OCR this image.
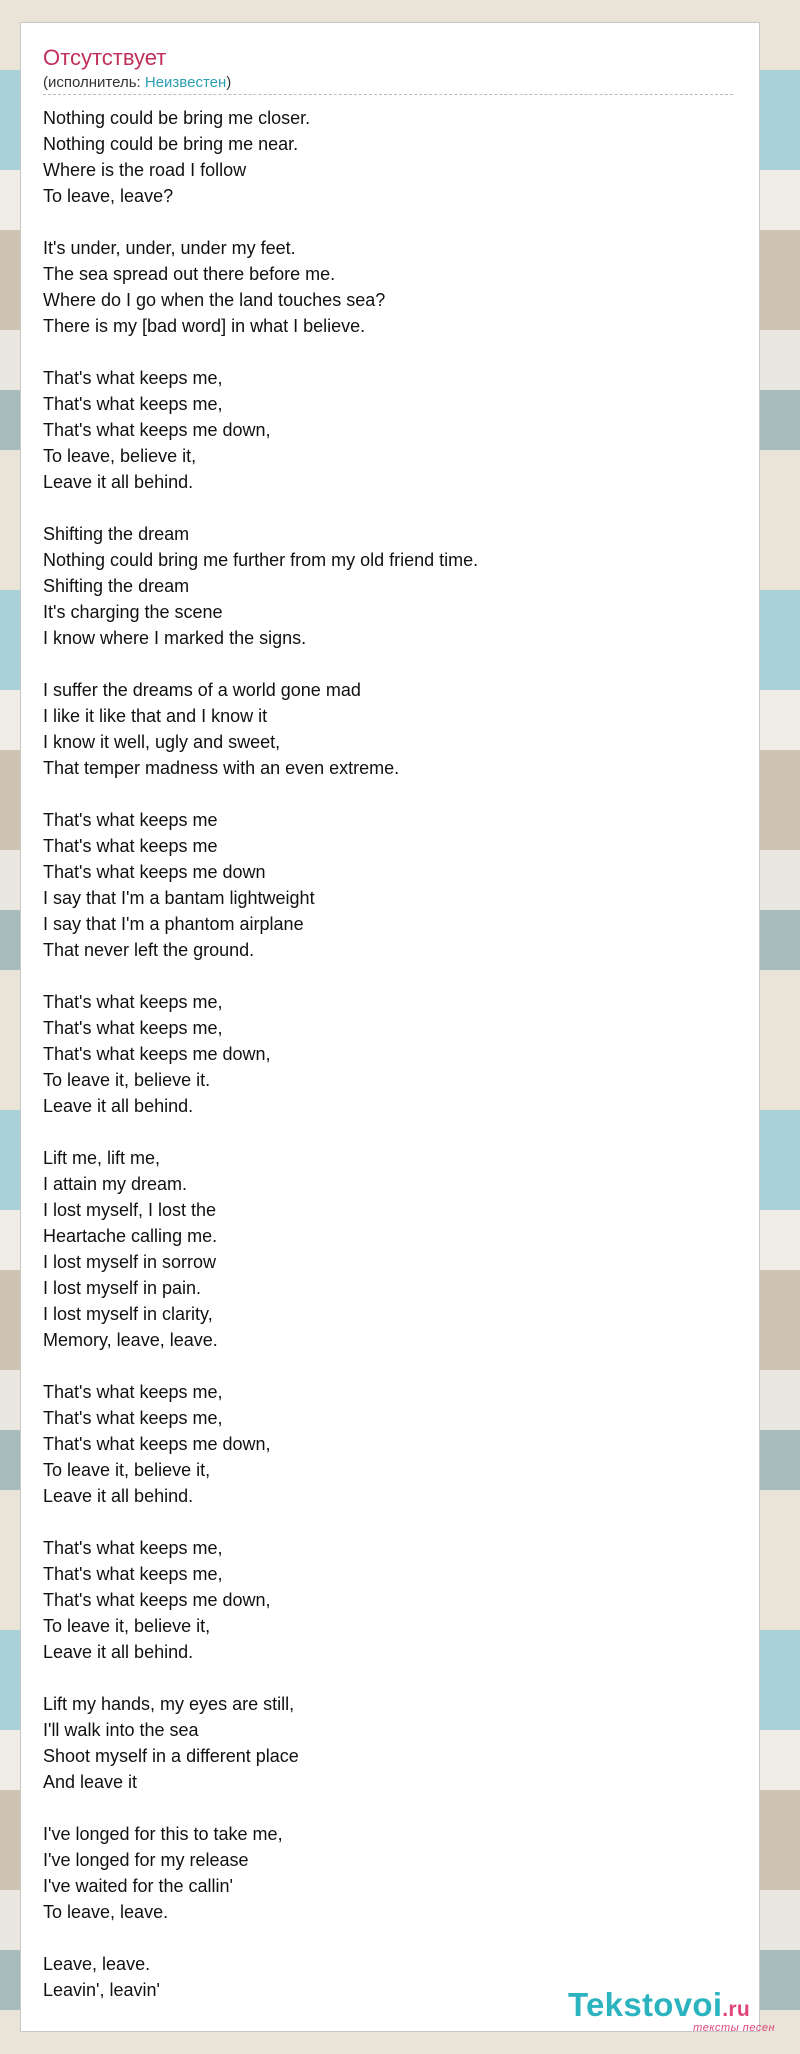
Отсутствует
(исполнитель: Неизвестен)
Nothing could be bring me closer.
Nothing could be bring me near.
Where is the road I follow
To leave, leave?
It's under, under, under my feet.
The sea spread out there before me.
Where do I go when the land touches sea?
There is my [bad word] in what I believe.
That's what keeps me,
That's what keeps me,
That's what keeps me down,
To leave, believe it,
Leave it all behind.
Shifting the dream
Nothing could bring me further from my old friend time.
Shifting the dream
It's charging the scene
I know where I marked the signs.
I suffer the dreams of a world gone mad
I like it like that and I know it
I know it well, ugly and sweet,
That temper madness with an even extreme.
That's what keeps me
That's what keeps me
That's what keeps me down
I say that I'm a bantam lightweight
I say that I'm a phantom airplane
That never left the ground.
That's what keeps me,
That's what keeps me,
That's what keeps me down,
To leave it, believe it.
Leave it all behind.
Lift me, lift me,
I attain my dream.
I lost myself, I lost the
Heartache calling me.
I lost myself in sorrow
I lost myself in pain.
I lost myself in clarity,
Memory, leave, leave.
That's what keeps me,
That's what keeps me,
That's what keeps me down,
To leave it, believe it,
Leave it all behind.
That's what keeps me,
That's what keeps me,
That's what keeps me down,
To leave it, believe it,
Leave it all behind.
Lift my hands, my eyes are still,
I'll walk into the sea
Shoot myself in a different place
And leave it
I've longed for this to take me,
I've longed for my release
I've waited for the callin'
To leave, leave.
Leave, leave.
Leavin', leavin'	Tekstovoi.ru
тексты песен
